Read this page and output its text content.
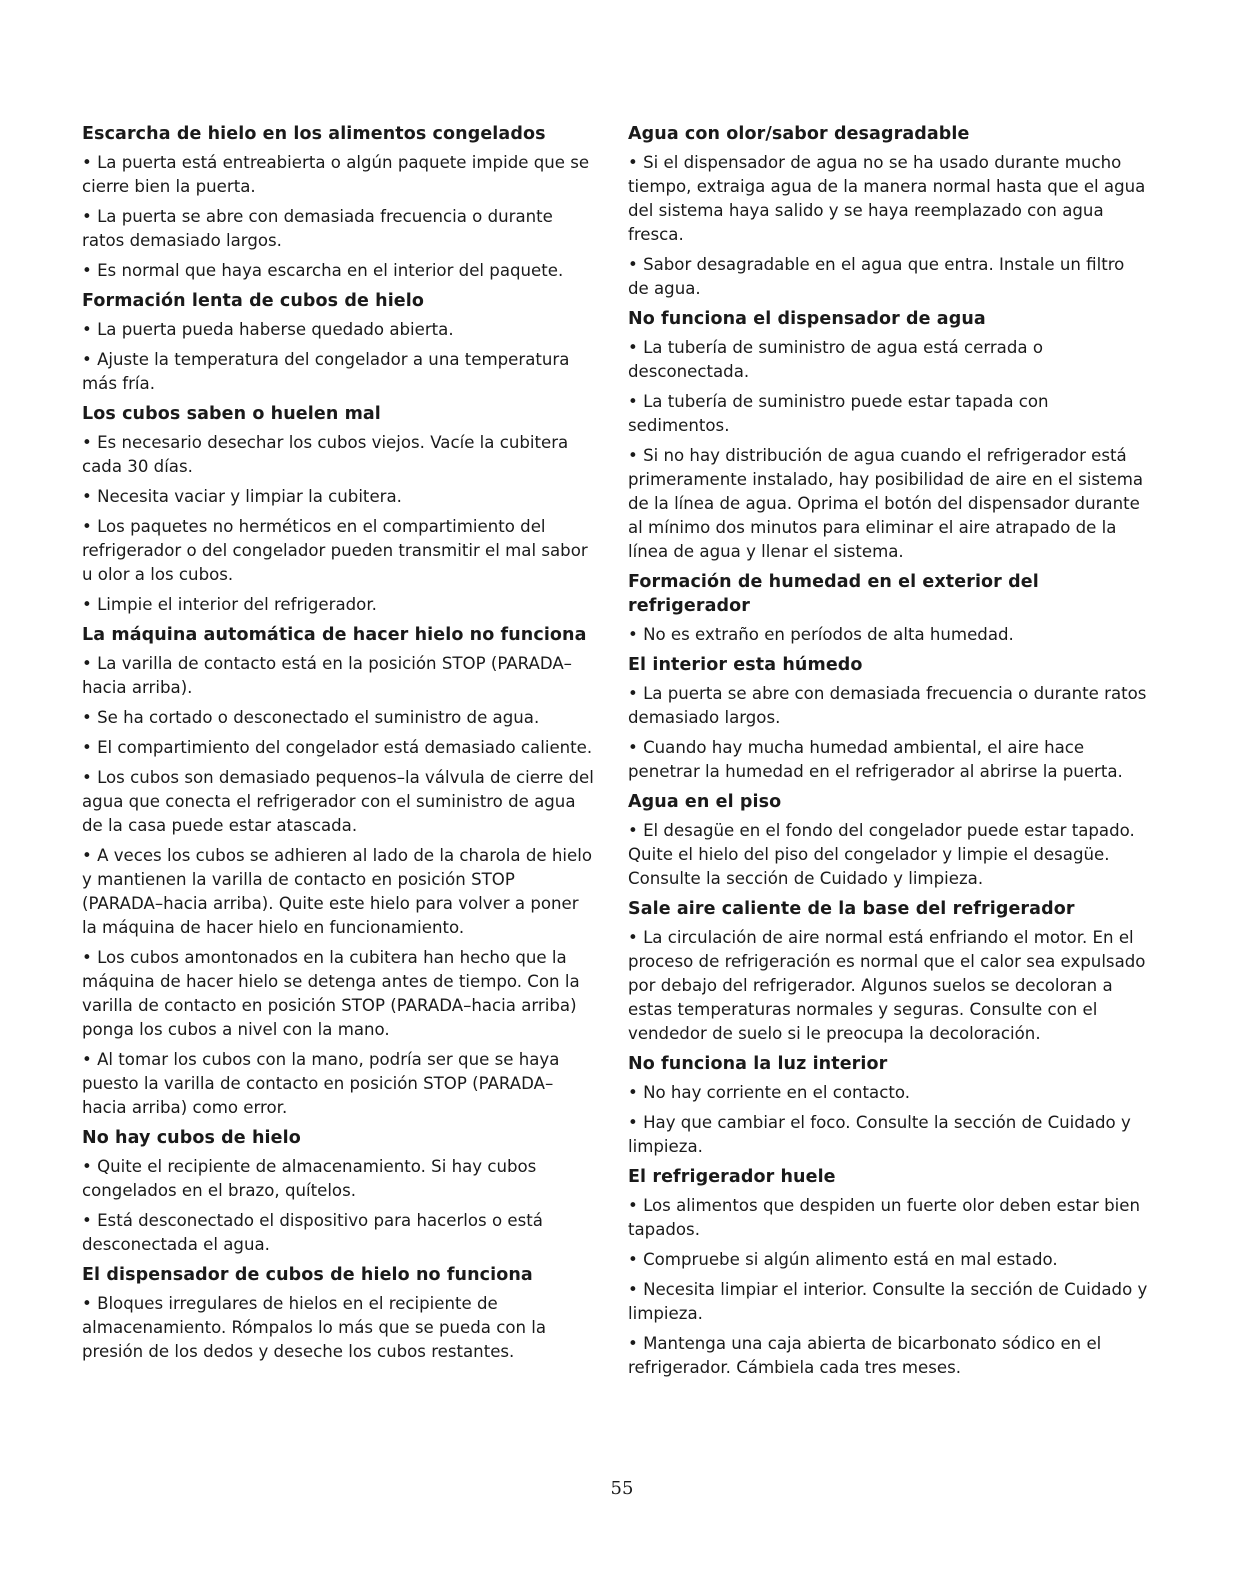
Escarcha de hielo en los alimentos congelados
• La puerta está entreabierta o algún paquete impide que se cierre bien la puerta.
• La puerta se abre con demasiada frecuencia o durante ratos demasiado largos.
• Es normal que haya escarcha en el interior del paquete.
Formación lenta de cubos de hielo
• La puerta pueda haberse quedado abierta.
• Ajuste la temperatura del congelador a una temperatura más fría.
Los cubos saben o huelen mal
• Es necesario desechar los cubos viejos. Vacíe la cubitera cada 30 días.
• Necesita vaciar y limpiar la cubitera.
• Los paquetes no herméticos en el compartimiento del refrigerador o del congelador pueden transmitir el mal sabor u olor a los cubos.
• Limpie el interior del refrigerador.
La máquina automática de hacer hielo no funciona
• La varilla de contacto está en la posición STOP (PARADA–hacia arriba).
• Se ha cortado o desconectado el suministro de agua.
• El compartimiento del congelador está demasiado caliente.
• Los cubos son demasiado pequenos–la válvula de cierre del agua que conecta el refrigerador con el suministro de agua de la casa puede estar atascada.
• A veces los cubos se adhieren al lado de la charola de hielo y mantienen la varilla de contacto en posición STOP (PARADA–hacia arriba). Quite este hielo para volver a poner la máquina de hacer hielo en funcionamiento.
• Los cubos amontonados en la cubitera han hecho que la máquina de hacer hielo se detenga antes de tiempo. Con la varilla de contacto en posición STOP (PARADA–hacia arriba) ponga los cubos a nivel con la mano.
• Al tomar los cubos con la mano, podría ser que se haya puesto la varilla de contacto en posición STOP (PARADA–hacia arriba) como error.
No hay cubos de hielo
• Quite el recipiente de almacenamiento. Si hay cubos congelados en el brazo, quítelos.
• Está desconectado el dispositivo para hacerlos o está desconectada el agua.
El dispensador de cubos de hielo no funciona
• Bloques irregulares de hielos en el recipiente de almacenamiento. Rómpalos lo más que se pueda con la presión de los dedos y deseche los cubos restantes.
Agua con olor/sabor desagradable
• Si el dispensador de agua no se ha usado durante mucho tiempo, extraiga agua de la manera normal hasta que el agua del sistema haya salido y se haya reemplazado con agua fresca.
• Sabor desagradable en el agua que entra. Instale un filtro de agua.
No funciona el dispensador de agua
• La tubería de suministro de agua está cerrada o desconectada.
• La tubería de suministro puede estar tapada con sedimentos.
• Si no hay distribución de agua cuando el refrigerador está primeramente instalado, hay posibilidad de aire en el sistema de la línea de agua. Oprima el botón del dispensador durante al mínimo dos minutos para eliminar el aire atrapado de la línea de agua y llenar el sistema.
Formación de humedad en el exterior del refrigerador
• No es extraño en períodos de alta humedad.
El interior esta húmedo
• La puerta se abre con demasiada frecuencia o durante ratos demasiado largos.
• Cuando hay mucha humedad ambiental, el aire hace penetrar la humedad en el refrigerador al abrirse la puerta.
Agua en el piso
• El desagüe en el fondo del congelador puede estar tapado. Quite el hielo del piso del congelador y limpie el desagüe. Consulte la sección de Cuidado y limpieza.
Sale aire caliente de la base del refrigerador
• La circulación de aire normal está enfriando el motor. En el proceso de refrigeración es normal que el calor sea expulsado por debajo del refrigerador. Algunos suelos se decoloran a estas temperaturas normales y seguras. Consulte con el vendedor de suelo si le preocupa la decoloración.
No funciona la luz interior
• No hay corriente en el contacto.
• Hay que cambiar el foco. Consulte la sección de Cuidado y limpieza.
El refrigerador huele
• Los alimentos que despiden un fuerte olor deben estar bien tapados.
• Compruebe si algún alimento está en mal estado.
• Necesita limpiar el interior. Consulte la sección de Cuidado y limpieza.
• Mantenga una caja abierta de bicarbonato sódico en el refrigerador. Cámbiela cada tres meses.
55
